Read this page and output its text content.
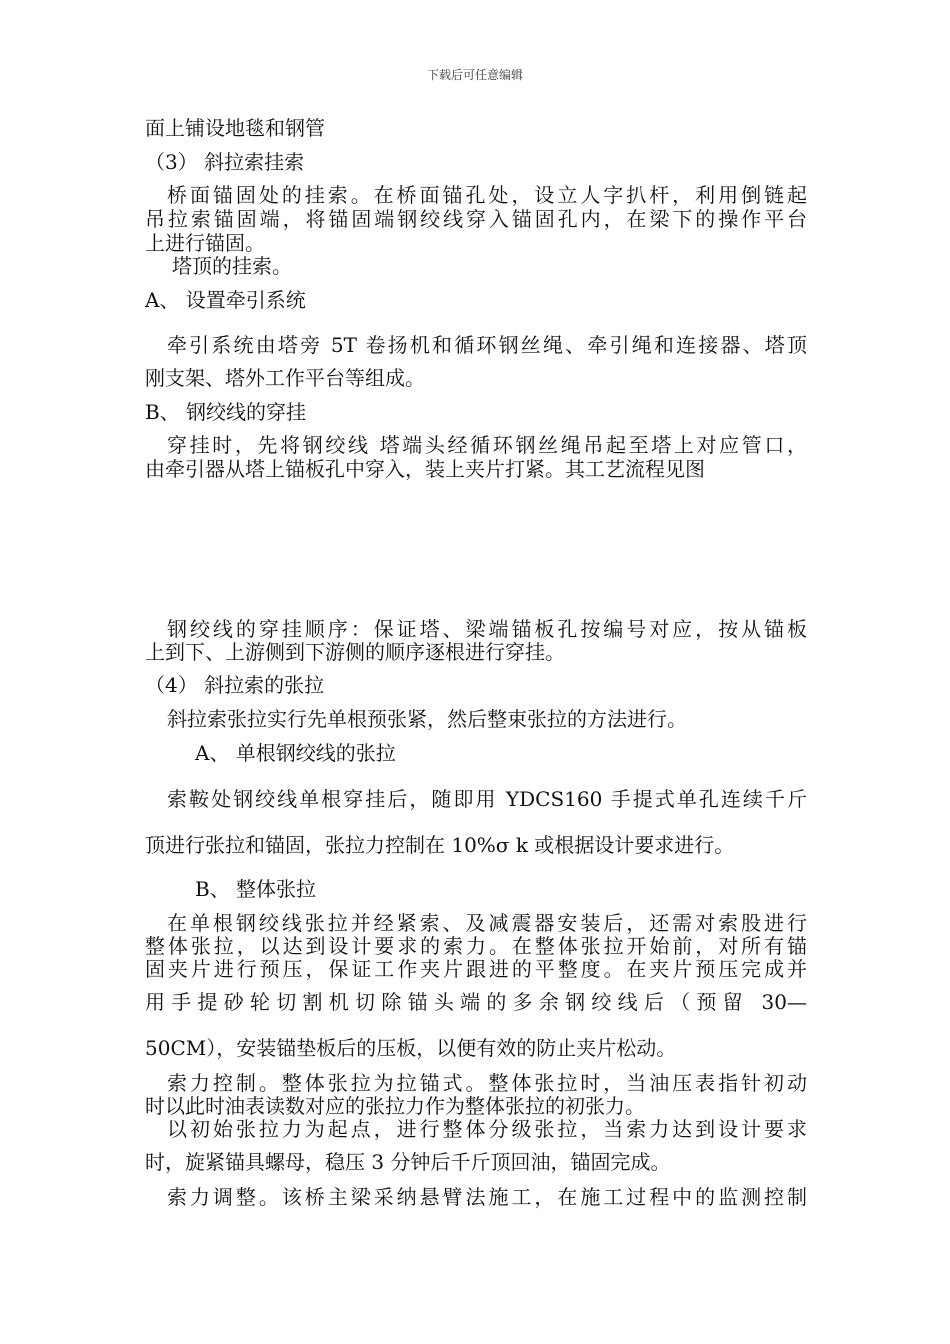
下载后可任意编辑
面上铺设地毯和钢管
（3） 斜拉索挂索
桥面锚固处的挂索。在桥面锚孔处，设立人字扒杆，利用倒链起
吊拉索锚固端，将锚固端钢绞线穿入锚固孔内，在梁下的操作平台
上进行锚固。
塔顶的挂索。
A、 设置牵引系统
牵引系统由塔旁 5T 卷扬机和循环钢丝绳、牵引绳和连接器、塔顶
刚支架、塔外工作平台等组成。
B、 钢绞线的穿挂
穿挂时，先将钢绞线 塔端头经循环钢丝绳吊起至塔上对应管口，
由牵引器从塔上锚板孔中穿入，装上夹片打紧。其工艺流程见图
钢绞线的穿挂顺序：保证塔、梁端锚板孔按编号对应，按从锚板
上到下、上游侧到下游侧的顺序逐根进行穿挂。
（4） 斜拉索的张拉
斜拉索张拉实行先单根预张紧，然后整束张拉的方法进行。
A、 单根钢绞线的张拉
索鞍处钢绞线单根穿挂后，随即用 YDCS160 手提式单孔连续千斤
顶进行张拉和锚固，张拉力控制在 10%σ k 或根据设计要求进行。
B、 整体张拉
在单根钢绞线张拉并经紧索、及减震器安装后，还需对索股进行
整体张拉，以达到设计要求的索力。在整体张拉开始前，对所有锚
固夹片进行预压，保证工作夹片跟进的平整度。在夹片预压完成并
用手提砂轮切割机切除锚头端的多余钢绞线后（预留 30—
50CM），安装锚垫板后的压板，以便有效的防止夹片松动。
索力控制。整体张拉为拉锚式。整体张拉时，当油压表指针初动
时以此时油表读数对应的张拉力作为整体张拉的初张力。
以初始张拉力为起点，进行整体分级张拉，当索力达到设计要求
时，旋紧锚具螺母，稳压 3 分钟后千斤顶回油，锚固完成。
索力调整。该桥主梁采纳悬臂法施工，在施工过程中的监测控制
